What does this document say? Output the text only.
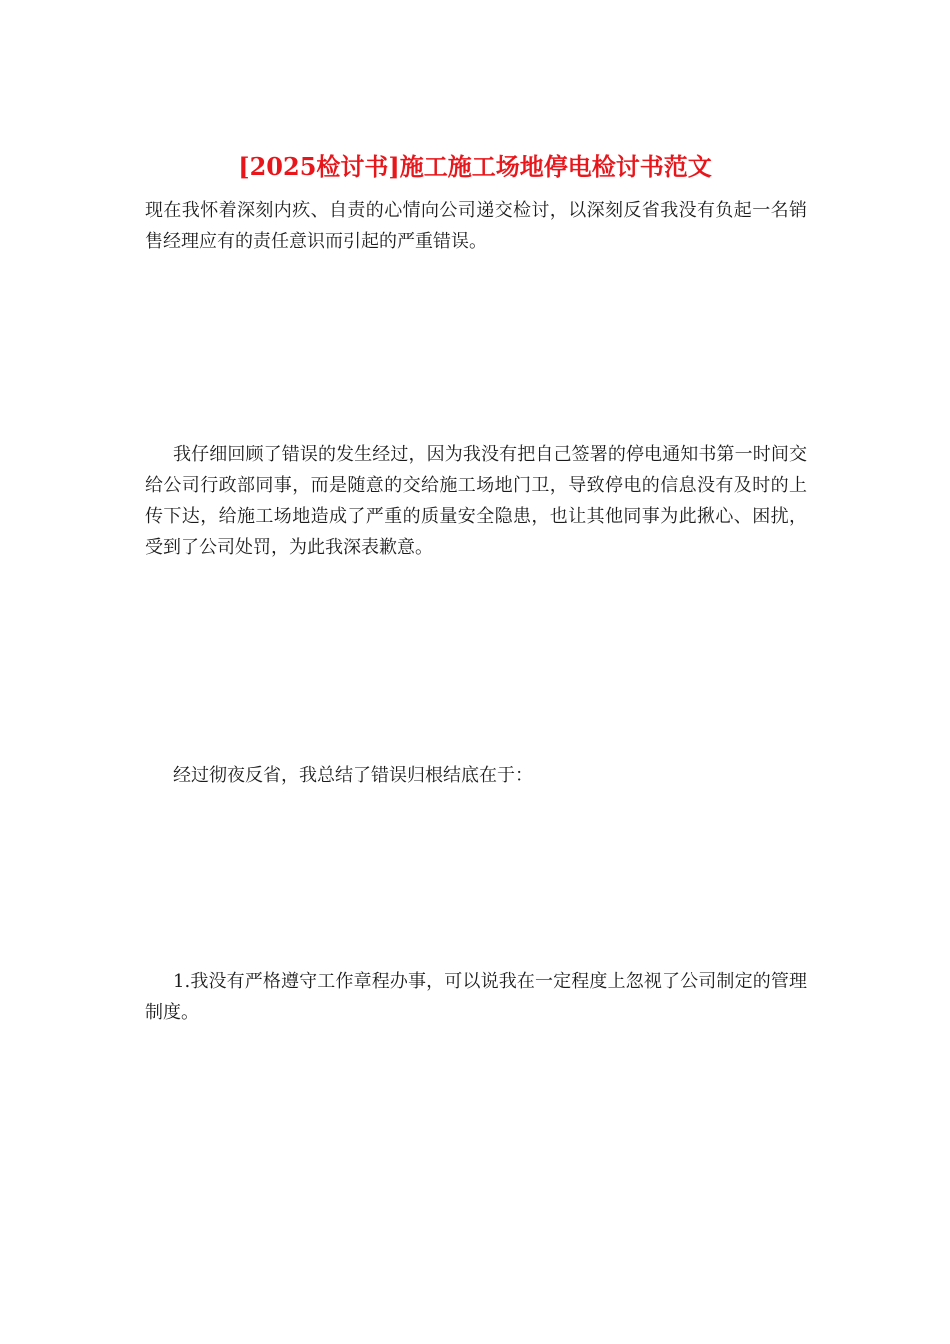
[2025检讨书]施工施工场地停电检讨书范文

现在我怀着深刻内疚、自责的心情向公司递交检讨，以深刻反省我没有负起一名销售经理应有的责任意识而引起的严重错误。

我仔细回顾了错误的发生经过，因为我没有把自己签署的停电通知书第一时间交给公司行政部同事，而是随意的交给施工场地门卫，导致停电的信息没有及时的上传下达，给施工场地造成了严重的质量安全隐患，也让其他同事为此揪心、困扰，受到了公司处罚，为此我深表歉意。

经过彻夜反省，我总结了错误归根结底在于：

1.我没有严格遵守工作章程办事，可以说我在一定程度上忽视了公司制定的管理制度。
